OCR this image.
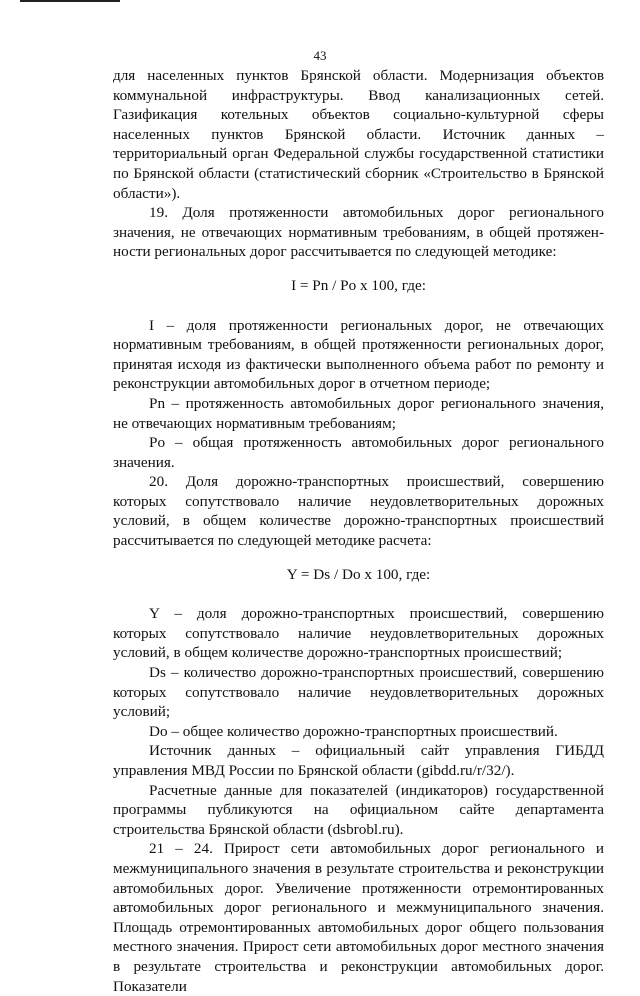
43

для населенных пунктов Брянской области. Модернизация объектов коммунальной инфраструктуры. Ввод канализационных сетей. Газификация котельных объектов социально-культурной сферы населенных пунктов Брянской области. Источник данных – территориальный орган Федеральной службы государственной статистики по Брянской области (статистический сборник «Строительство в Брянской области»).

19. Доля протяженности автомобильных дорог регионального значения, не отвечающих нормативным требованиям, в общей протяженности региональных дорог рассчитывается по следующей методике:

I = Pn / Po х 100, где:

I – доля протяженности региональных дорог, не отвечающих нормативным требованиям, в общей протяженности региональных дорог, принятая исходя из фактически выполненного объема работ по ремонту и реконструкции автомобильных дорог в отчетном периоде;

Pn – протяженность автомобильных дорог регионального значения, не отвечающих нормативным требованиям;

Po – общая протяженность автомобильных дорог регионального значения.

20. Доля дорожно-транспортных происшествий, совершению которых сопутствовало наличие неудовлетворительных дорожных условий, в общем количестве дорожно-транспортных происшествий рассчитывается по следующей методике расчета:

Y = Ds / Do х 100, где:

Y – доля дорожно-транспортных происшествий, совершению которых сопутствовало наличие неудовлетворительных дорожных условий, в общем количестве дорожно-транспортных происшествий;

Ds – количество дорожно-транспортных происшествий, совершению которых сопутствовало наличие неудовлетворительных дорожных условий;

Do – общее количество дорожно-транспортных происшествий.

Источник данных – официальный сайт управления ГИБДД управления МВД России по Брянской области (gibdd.ru/r/32/).

Расчетные данные для показателей (индикаторов) государственной программы публикуются на официальном сайте департамента строительства Брянской области (dsbrobl.ru).

21 – 24. Прирост сети автомобильных дорог регионального и межмуниципального значения в результате строительства и реконструкции автомобильных дорог. Увеличение протяженности отремонтированных автомобильных дорог регионального и межмуниципального значения. Площадь отремонтированных автомобильных дорог общего пользования местного значения. Прирост сети автомобильных дорог местного значения в результате строительства и реконструкции автомобильных дорог. Показатели
